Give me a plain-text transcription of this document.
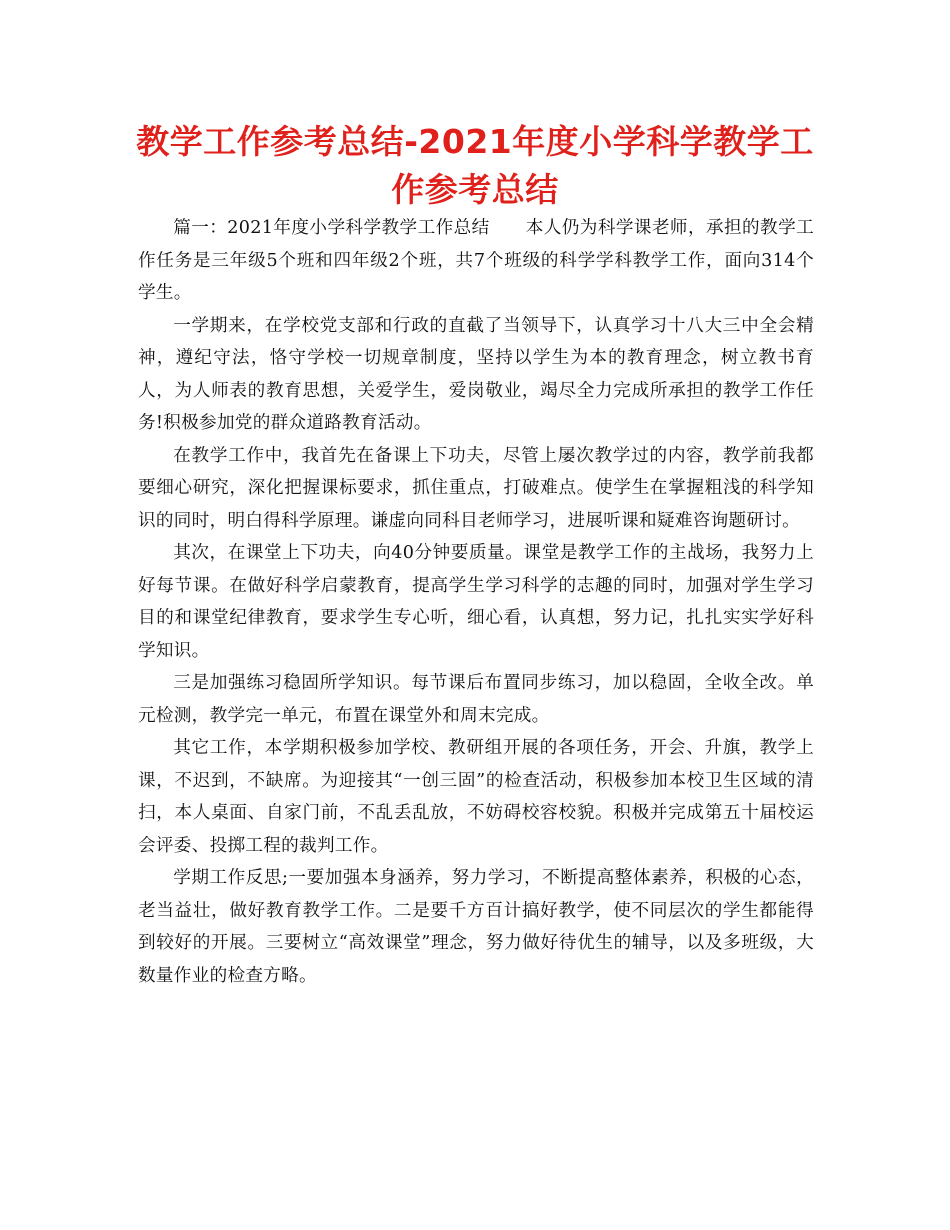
教学工作参考总结-2021年度小学科学教学工作参考总结

篇一：2021年度小学科学教学工作总结　　本人仍为科学课老师，承担的教学工作任务是三年级5个班和四年级2个班，共7个班级的科学学科教学工作，面向314个学生。

一学期来，在学校党支部和行政的直截了当领导下，认真学习十八大三中全会精神，遵纪守法，恪守学校一切规章制度，坚持以学生为本的教育理念，树立教书育人，为人师表的教育思想，关爱学生，爱岗敬业，竭尽全力完成所承担的教学工作任务!积极参加党的群众道路教育活动。

在教学工作中，我首先在备课上下功夫，尽管上屡次教学过的内容，教学前我都要细心研究，深化把握课标要求，抓住重点，打破难点。使学生在掌握粗浅的科学知识的同时，明白得科学原理。谦虚向同科目老师学习，进展听课和疑难咨询题研讨。

其次，在课堂上下功夫，向40分钟要质量。课堂是教学工作的主战场，我努力上好每节课。在做好科学启蒙教育，提高学生学习科学的志趣的同时，加强对学生学习目的和课堂纪律教育，要求学生专心听，细心看，认真想，努力记，扎扎实实学好科学知识。

三是加强练习稳固所学知识。每节课后布置同步练习，加以稳固，全收全改。单元检测，教学完一单元，布置在课堂外和周末完成。

其它工作，本学期积极参加学校、教研组开展的各项任务，开会、升旗，教学上课，不迟到，不缺席。为迎接其“一创三固”的检查活动，积极参加本校卫生区域的清扫，本人桌面、自家门前，不乱丢乱放，不妨碍校容校貌。积极并完成第五十届校运会评委、投掷工程的裁判工作。

学期工作反思;一要加强本身涵养，努力学习，不断提高整体素养，积极的心态，老当益壮，做好教育教学工作。二是要千方百计搞好教学，使不同层次的学生都能得到较好的开展。三要树立“高效课堂”理念，努力做好待优生的辅导，以及多班级，大数量作业的检查方略。
